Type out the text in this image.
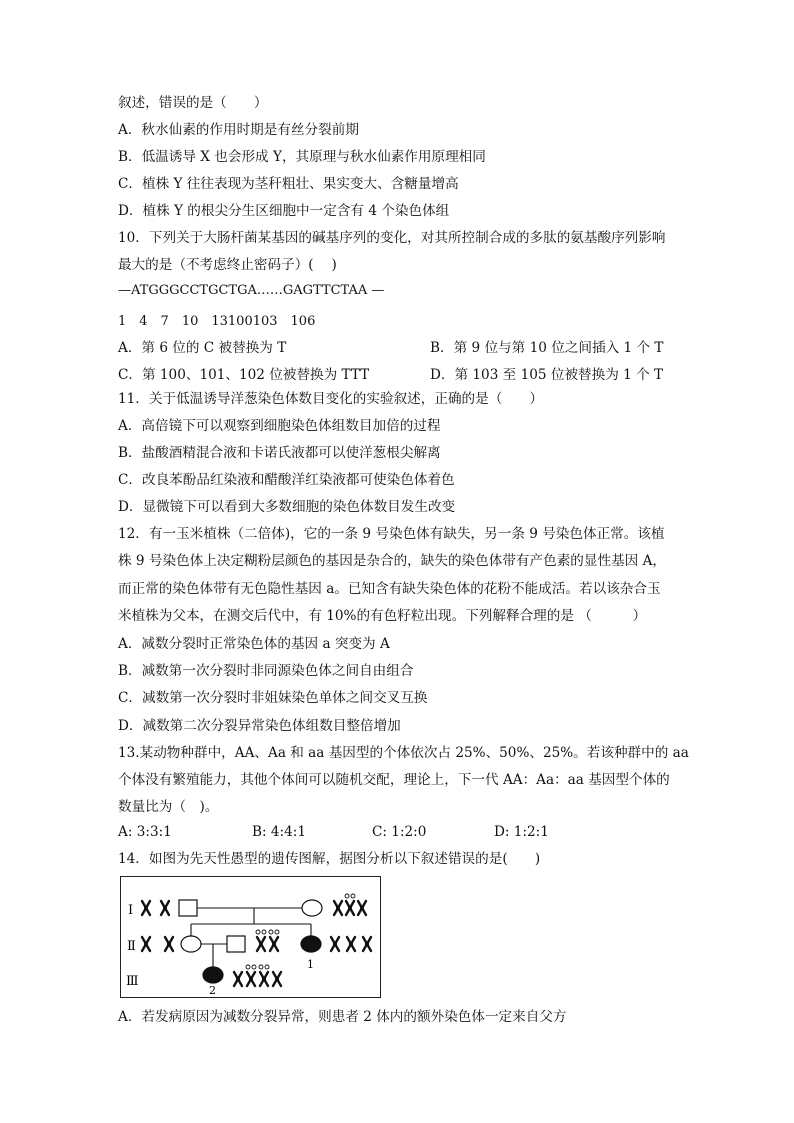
叙述，错误的是（　　）
A．秋水仙素的作用时期是有丝分裂前期
B．低温诱导 X 也会形成 Y，其原理与秋水仙素作用原理相同
C．植株 Y 往往表现为茎秆粗壮、果实变大、含糖量增高
D．植株 Y 的根尖分生区细胞中一定含有 4 个染色体组
10．下列关于大肠杆菌某基因的碱基序列的变化，对其所控制合成的多肽的氨基酸序列影响
最大的是（不考虑终止密码子）(　 )
—ATGGGCCTGCTGA……GAGTTCTAA —
1　4　7　10　13100103　106
A．第 6 位的 C 被替换为 T	B．第 9 位与第 10 位之间插入 1 个 T
C．第 100、101、102 位被替换为 TTT	D．第 103 至 105 位被替换为 1 个 T
11．关于低温诱导洋葱染色体数目变化的实验叙述，正确的是（　　）
A．高倍镜下可以观察到细胞染色体组数目加倍的过程
B．盐酸酒精混合液和卡诺氏液都可以使洋葱根尖解离
C．改良苯酚品红染液和醋酸洋红染液都可使染色体着色
D．显微镜下可以看到大多数细胞的染色体数目发生改变
12．有一玉米植株（二倍体)，它的一条 9 号染色体有缺失，另一条 9 号染色体正常。该植
株 9 号染色体上决定糊粉层颜色的基因是杂合的，缺失的染色体带有产色素的显性基因 A，
而正常的染色体带有无色隐性基因 a。已知含有缺失染色体的花粉不能成活。若以该杂合玉
米植株为父本，在测交后代中，有 10%的有色籽粒出现。下列解释合理的是 （　　　）
A．减数分裂时正常染色体的基因 a 突变为 A
B．减数第一次分裂时非同源染色体之间自由组合
C．减数第一次分裂时非姐妹染色单体之间交叉互换
D．减数第二次分裂异常染色体组数目整倍增加
13.某动物种群中，AA、Aa 和 aa 基因型的个体依次占 25%、50%、25%。若该种群中的 aa
个体没有繁殖能力，其他个体间可以随机交配，理论上，下一代 AA：Aa：aa 基因型个体的
数量比为（　)。
A: 3:3:1	B: 4:4:1	C: 1:2:0	D: 1:2:1
14．如图为先天性愚型的遗传图解，据图分析以下叙述错误的是(　　)
Ⅰ
Ⅱ
Ⅲ
1
2
A．若发病原因为减数分裂异常，则患者 2 体内的额外染色体一定来自父方
